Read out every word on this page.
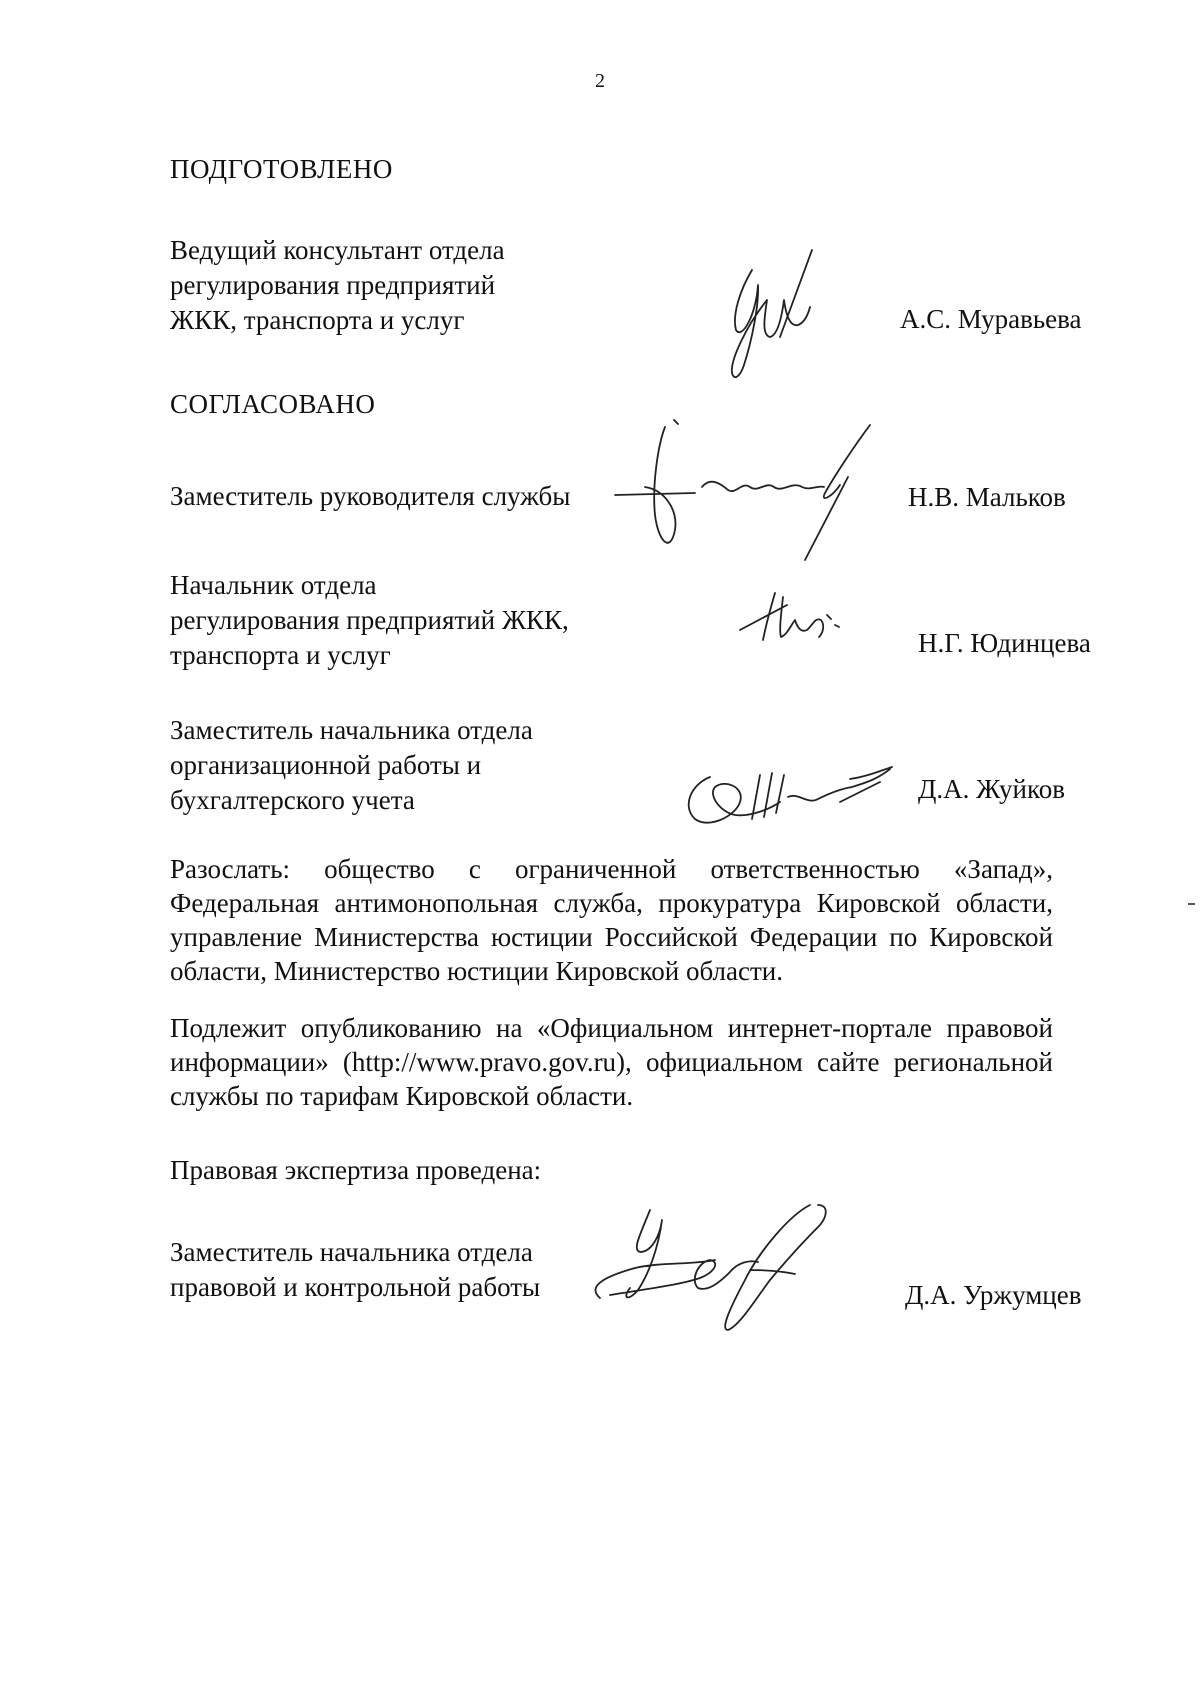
2
ПОДГОТОВЛЕНО
Ведущий консультант отдела
регулирования предприятий
ЖКК, транспорта и услуг	А.С. Муравьева
СОГЛАСОВАНО
Заместитель руководителя службы	Н.В. Мальков
Начальник отдела
регулирования предприятий ЖКК,
транспорта и услуг	Н.Г. Юдинцева
Заместитель начальника отдела
организационной работы и
бухгалтерского учета	Д.А. Жуйков
Разослать: общество с ограниченной ответственностью «Запад», Федеральная антимонопольная служба, прокуратура Кировской области, управление Министерства юстиции Российской Федерации по Кировской области, Министерство юстиции Кировской области.
Подлежит опубликованию на «Официальном интернет-портале правовой информации» (http://www.pravo.gov.ru), официальном сайте региональной службы по тарифам Кировской области.
Правовая экспертиза проведена:
Заместитель начальника отдела
правовой и контрольной работы	Д.А. Уржумцев
